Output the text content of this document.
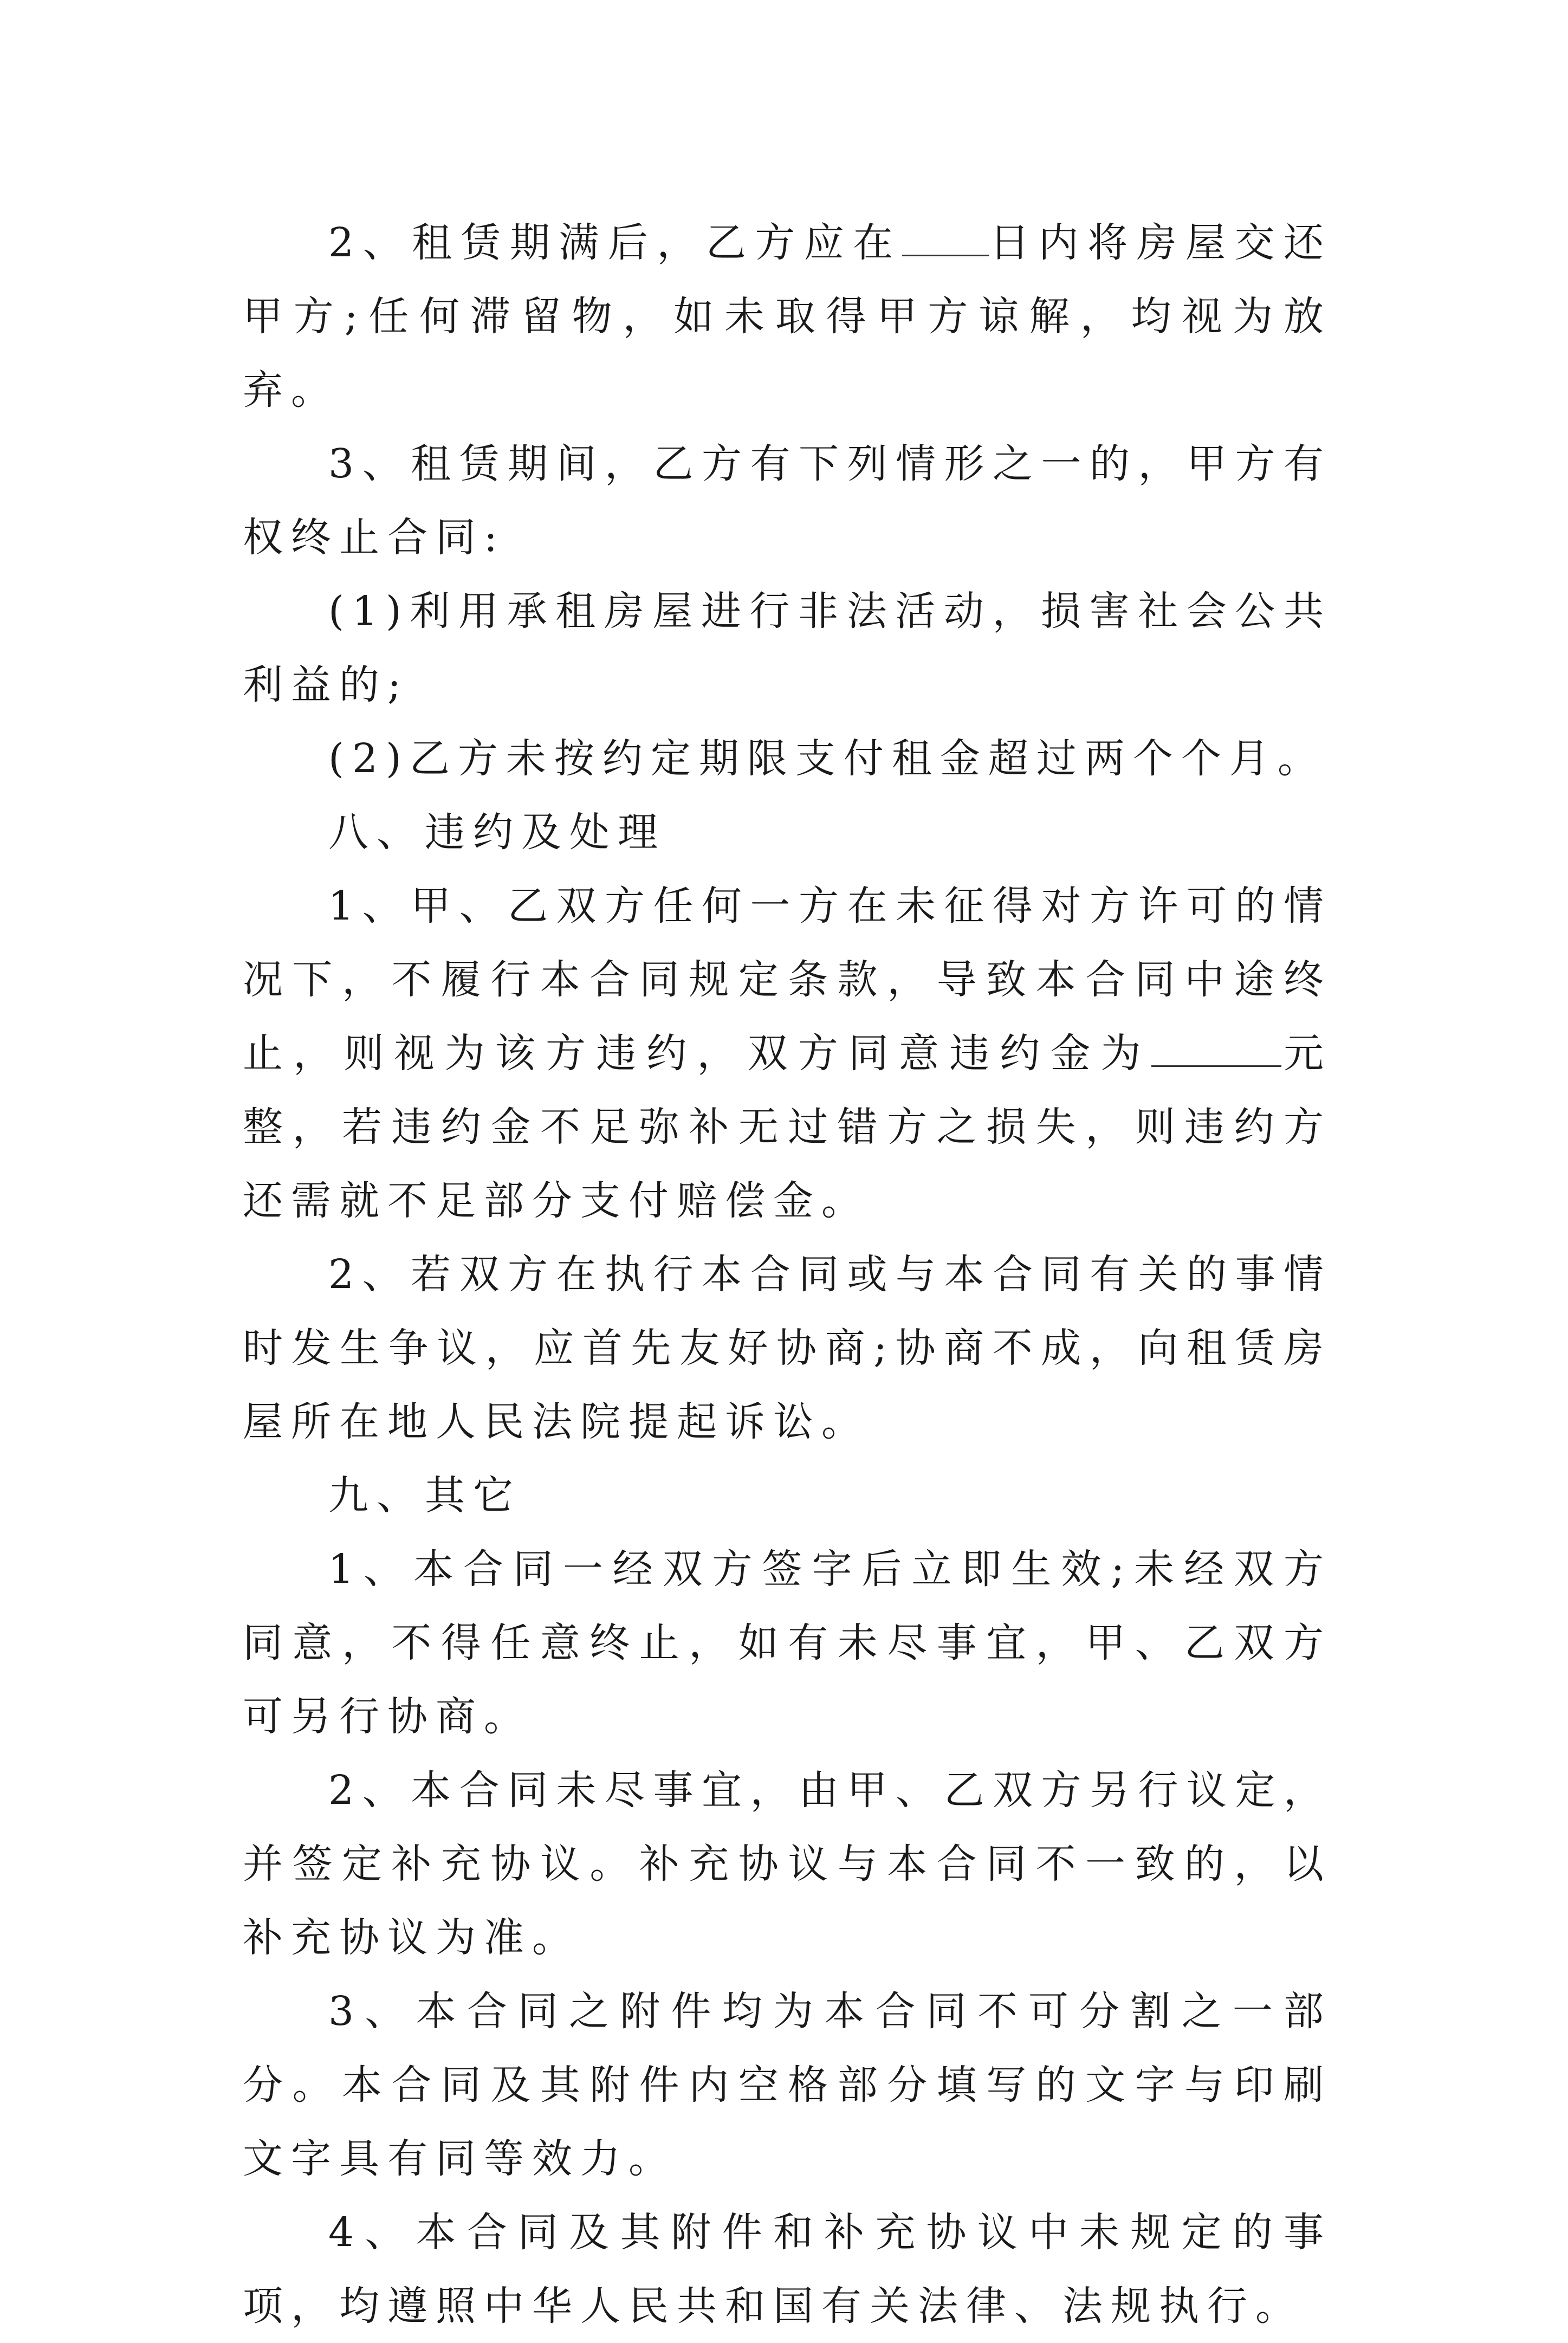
2、租赁期满后，乙方应在 日内将房屋交还甲方;任何滞留物，如未取得甲方谅解，均视为放弃。

3、租赁期间，乙方有下列情形之一的，甲方有权终止合同:

(1)利用承租房屋进行非法活动，损害社会公共利益的;

(2)乙方未按约定期限支付租金超过两个个月。

八、违约及处理

1、甲、乙双方任何一方在未征得对方许可的情况下，不履行本合同规定条款，导致本合同中途终止，则视为该方违约，双方同意违约金为	元整，若违约金不足弥补无过错方之损失，则违约方还需就不足部分支付赔偿金。

2、若双方在执行本合同或与本合同有关的事情时发生争议，应首先友好协商;协商不成，向租赁房屋所在地人民法院提起诉讼。

九、其它

1、本合同一经双方签字后立即生效;未经双方同意，不得任意终止，如有未尽事宜，甲、乙双方可另行协商。

2、本合同未尽事宜，由甲、乙双方另行议定，并签定补充协议。补充协议与本合同不一致的，以补充协议为准。

3、本合同之附件均为本合同不可分割之一部分。本合同及其附件内空格部分填写的文字与印刷文字具有同等效力。

4、本合同及其附件和补充协议中未规定的事项，均遵照中华人民共和国有关法律、法规执行。
